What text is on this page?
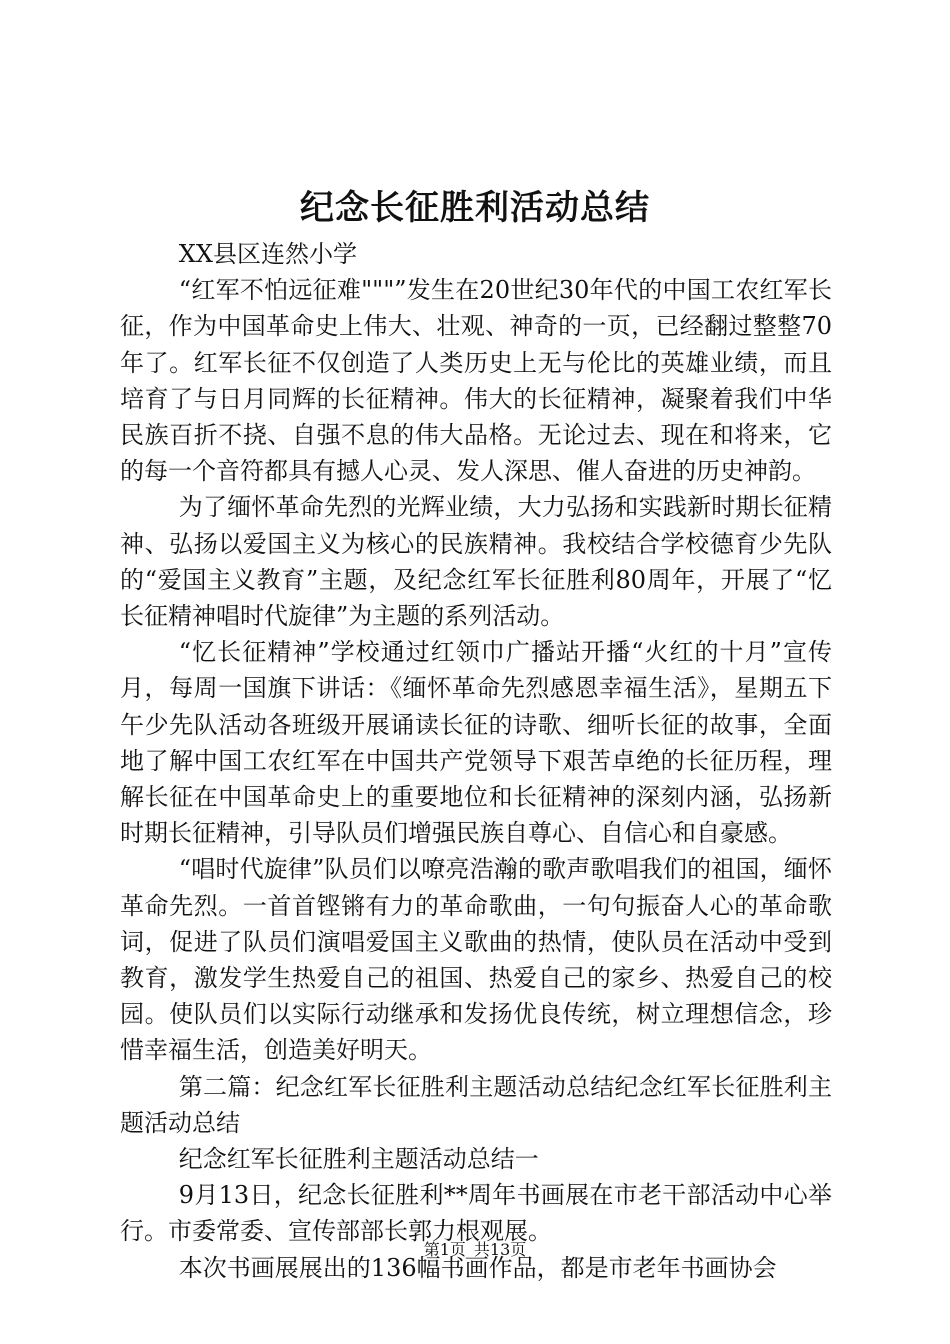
纪念长征胜利活动总结

XX县区连然小学

“红军不怕远征难"""”发生在20世纪30年代的中国工农红军长征，作为中国革命史上伟大、壮观、神奇的一页，已经翻过整整70年了。红军长征不仅创造了人类历史上无与伦比的英雄业绩，而且培育了与日月同辉的长征精神。伟大的长征精神，凝聚着我们中华民族百折不挠、自强不息的伟大品格。无论过去、现在和将来，它的每一个音符都具有撼人心灵、发人深思、催人奋进的历史神韵。

为了缅怀革命先烈的光辉业绩，大力弘扬和实践新时期长征精神、弘扬以爱国主义为核心的民族精神。我校结合学校德育少先队的“爱国主义教育”主题，及纪念红军长征胜利80周年，开展了“忆长征精神唱时代旋律”为主题的系列活动。

“忆长征精神”学校通过红领巾广播站开播“火红的十月”宣传月，每周一国旗下讲话：《缅怀革命先烈感恩幸福生活》，星期五下午少先队活动各班级开展诵读长征的诗歌、细听长征的故事，全面地了解中国工农红军在中国共产党领导下艰苦卓绝的长征历程，理解长征在中国革命史上的重要地位和长征精神的深刻内涵，弘扬新时期长征精神，引导队员们增强民族自尊心、自信心和自豪感。

“唱时代旋律”队员们以嘹亮浩瀚的歌声歌唱我们的祖国，缅怀革命先烈。一首首铿锵有力的革命歌曲，一句句振奋人心的革命歌词，促进了队员们演唱爱国主义歌曲的热情，使队员在活动中受到教育，激发学生热爱自己的祖国、热爱自己的家乡、热爱自己的校园。使队员们以实际行动继承和发扬优良传统，树立理想信念，珍惜幸福生活，创造美好明天。

第二篇：纪念红军长征胜利主题活动总结纪念红军长征胜利主题活动总结

纪念红军长征胜利主题活动总结一

9月13日，纪念长征胜利**周年书画展在市老干部活动中心举行。市委常委、宣传部部长郭力根观展。

本次书画展展出的136幅书画作品，都是市老年书画协会

第1页 共13页
